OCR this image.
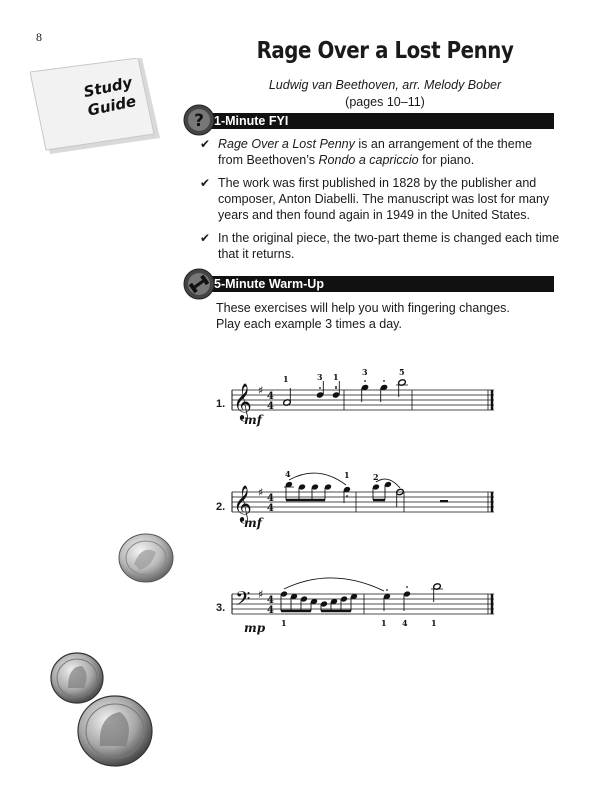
8
Study Guide
Rage Over a Lost Penny
Ludwig van Beethoven, arr. Melody Bober
(pages 10–11)
1-Minute FYI
?
✔ Rage Over a Lost Penny is an arrangement of the theme from Beethoven’s Rondo a capriccio for piano.
✔ The work was first published in 1828 by the publisher and composer, Anton Diabelli. The manuscript was lost for many years and then found again in 1949 in the United States.
✔ In the original piece, the two-part theme is changed each time that it returns.
5-Minute Warm-Up
These exercises will help you with fingering changes.
Play each example 3 times a day.
1. 𝄞 ♯ 4
4
1	3 1	3	5
mf
2. 𝄞 ♯ 4
4
4	1	2
mf
3. 𝄢 ♯ 4
4
1	1 4	1
mp
